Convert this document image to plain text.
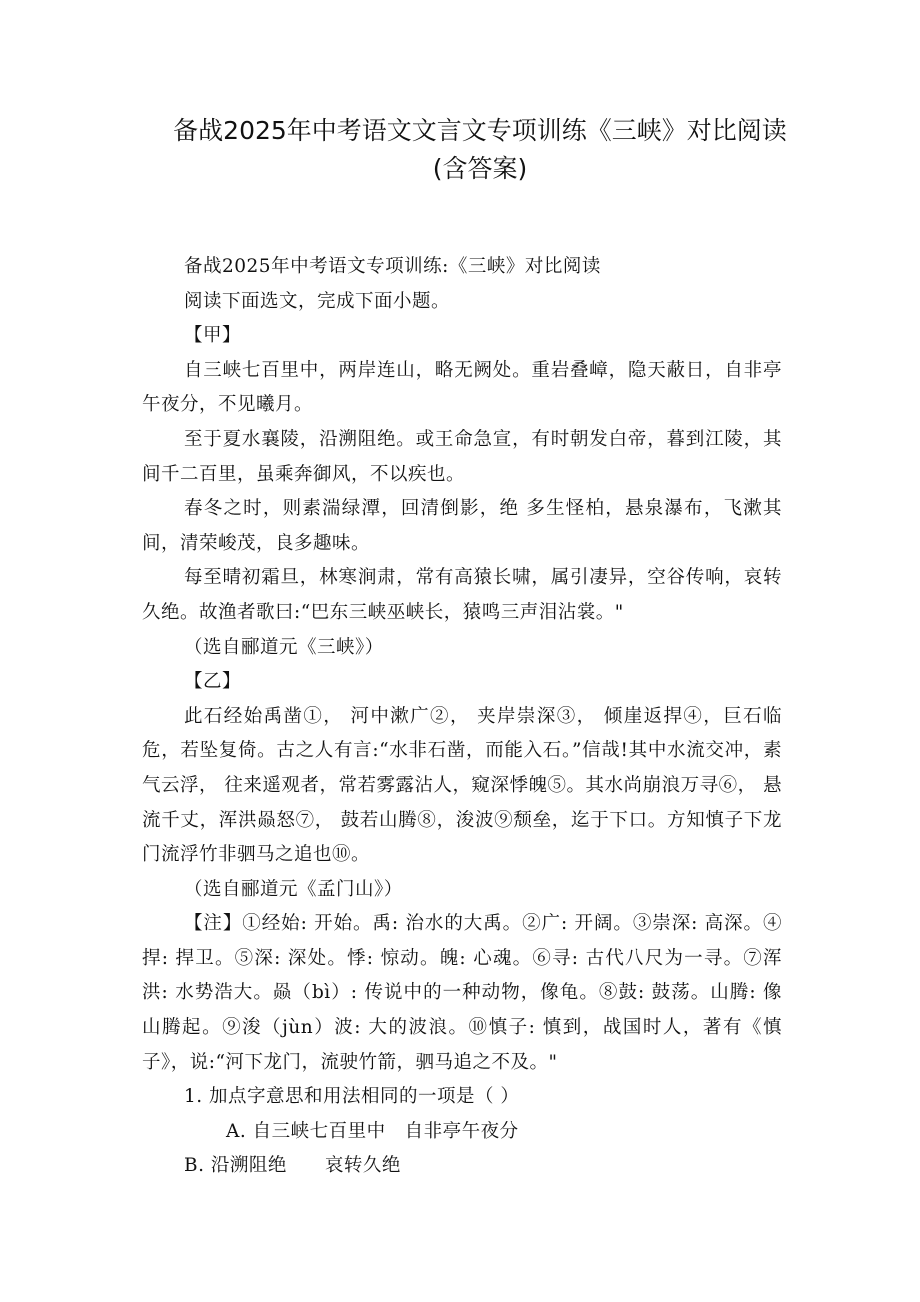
备战2025年中考语文文言文专项训练《三峡》对比阅读(含答案)

备战2025年中考语文专项训练:《三峡》对比阅读

阅读下面选文，完成下面小题。

【甲】

自三峡七百里中，两岸连山，略无阙处。重岩叠嶂，隐天蔽日，自非亭午夜分，不见曦月。

至于夏水襄陵，沿溯阻绝。或王命急宣，有时朝发白帝，暮到江陵，其间千二百里，虽乘奔御风，不以疾也。

春冬之时，则素湍绿潭，回清倒影，绝 多生怪柏，悬泉瀑布，飞漱其间，清荣峻茂，良多趣味。

每至晴初霜旦，林寒涧肃，常有高猿长啸，属引凄异，空谷传响，哀转久绝。故渔者歌曰:“巴东三峡巫峡长，猿鸣三声泪沾裳。"

（选自郦道元《三峡》）

【乙】

此石经始禹凿①， 河中漱广②， 夹岸崇深③， 倾崖返捍④，巨石临危，若坠复倚。古之人有言:“水非石凿，而能入石。”信哉!其中水流交冲，素气云浮， 往来遥观者，常若雾露沾人，窥深悸魄⑤。其水尚崩浪万寻⑥， 悬流千丈，浑洪赑怒⑦， 鼓若山腾⑧，浚波⑨颓垒，迄于下口。方知慎子下龙门流浮竹非驷马之追也⑩。

（选自郦道元《孟门山》）

【注】①经始: 开始。禹: 治水的大禹。②广: 开阔。③崇深: 高深。④捍: 捍卫。⑤深: 深处。悸: 惊动。魄: 心魂。⑥寻: 古代八尺为一寻。⑦浑洪: 水势浩大。赑（bì）: 传说中的一种动物，像龟。⑧鼓: 鼓荡。山腾: 像山腾起。⑨浚（jùn）波: 大的波浪。⑩慎子: 慎到，战国时人，著有《慎子》，说:“河下龙门，流驶竹箭，驷马追之不及。"

1. 加点字意思和用法相同的一项是（ ）

A. 自三峡七百里中　自非亭午夜分B. 沿溯阻绝　　哀转久绝
